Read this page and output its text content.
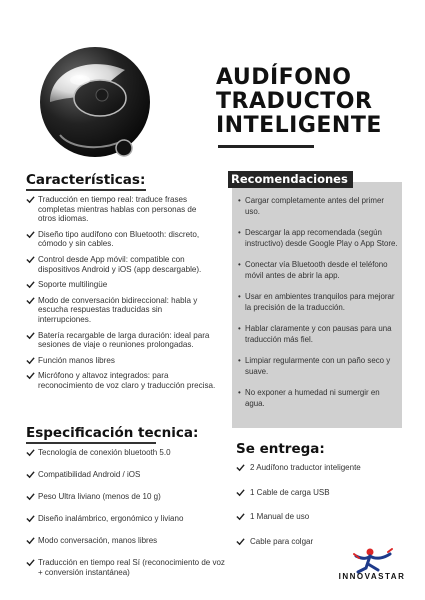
AUDÍFONO
TRADUCTOR
INTELIGENTE
Características:
Traducción en tiempo real: traduce frases completas mientras hablas con personas de otros idiomas.
Diseño tipo audífono con Bluetooth: discreto, cómodo y sin cables.
Control desde App móvil: compatible con dispositivos Android y iOS (app descargable).
Soporte multilingüe
Modo de conversación bidireccional: habla y escucha respuestas traducidas sin interrupciones.
Batería recargable de larga duración: ideal para sesiones de viaje o reuniones prolongadas.
Función manos libres
Micrófono y altavoz integrados: para reconocimiento de voz claro y traducción precisa.
Recomendaciones
• Cargar completamente antes del primer uso.
• Descargar la app recomendada (según instructivo) desde Google Play o App Store.
• Conectar vía Bluetooth desde el teléfono móvil antes de abrir la app.
• Usar en ambientes tranquilos para mejorar la precisión de la traducción.
• Hablar claramente y con pausas para una traducción más fiel.
• Limpiar regularmente con un paño seco y suave.
• No exponer a humedad ni sumergir en agua.
Especificación tecnica:
Tecnología de conexión bluetooth 5.0
Compatibilidad Android / iOS
Peso Ultra liviano (menos de 10 g)
Diseño inalámbrico, ergonómico y liviano
Modo conversación, manos libres
Traducción en tiempo real Sí (reconocimiento de voz + conversión instantánea)
Se entrega:
2 Audífono traductor inteligente
1 Cable de carga USB
1 Manual de uso
Cable para colgar
INNOVASTAR
